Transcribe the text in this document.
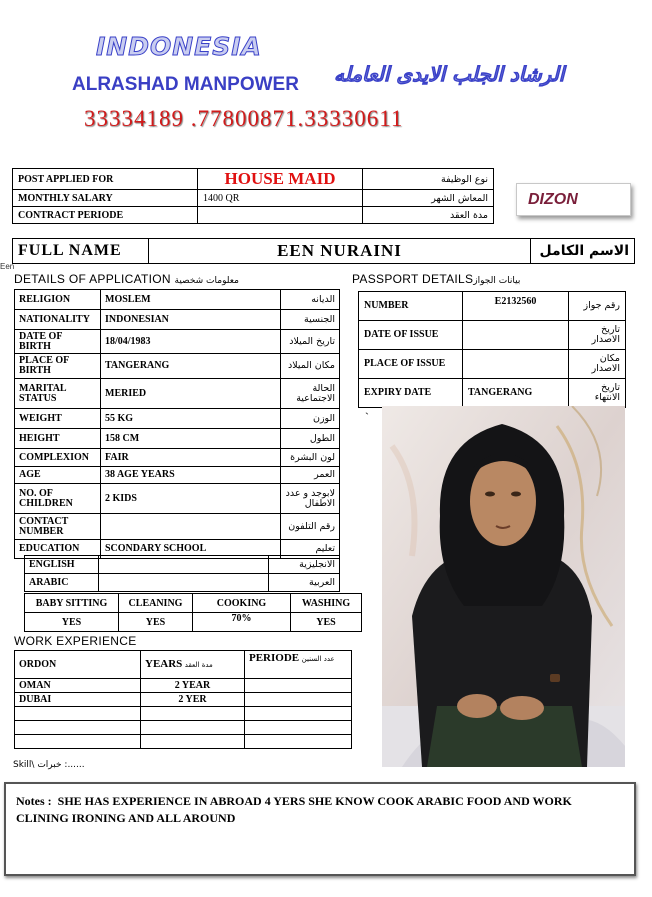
INDONESIA
ALRASHAD MANPOWER الرشاد الجلب الايدى العامله
33334189 .77800871.33330611
POST APPLIED FOR	HOUSE MAID	نوع الوظيفة
MONTHLY SALARY	1400 QR	المعاش الشهر
CONTRACT PERIODE		مدة العقد
DIZON
FULL NAME	EEN NURAINI	الاسم الكامل
Een
DETAILS OF APPLICATION معلومات شخصية	PASSPORT DETAILSبيانات الجواز
RELIGION	MOSLEM	الديانه
NATIONALITY	INDONESIAN	الجنسية
DATE OF BIRTH	18/04/1983	تاريخ الميلاد
PLACE OF BIRTH	TANGERANG	مكان الميلاد
MARITAL STATUS	MERIED	الحالة الاجتماعية
WEIGHT	55 KG	الوزن
HEIGHT	158 CM	الطول
COMPLEXION	FAIR	لون البشرة
AGE	38 AGE YEARS	العمر
NO. OF CHILDREN	2 KIDS	لابوجد و عدد الاطفال
CONTACT NUMBER		رقم التلفون
EDUCATION	SCONDARY SCHOOL	تعليم
ENGLISH		الانجليزية
ARABIC		العربية
BABY SITTING	CLEANING	COOKING	WASHING
YES	YES	70%	YES
NUMBER	E2132560	رقم جواز
DATE OF ISSUE		تاريخ الاصدار
PLACE OF ISSUE		مكان الاصدار
EXPIRY DATE	TANGERANG	تاريخ الانتهاء
`
WORK EXPERIENCE
ORDON	YEARS مدة العقد	PERIODE عدد السنين
OMAN	2 YEAR	
DUBAI	2 YER	

Skill\ خبرات :......
Notes : SHE HAS EXPERIENCE IN ABROAD 4 YERS SHE KNOW COOK ARABIC FOOD AND WORK CLINING IRONING AND ALL AROUND
